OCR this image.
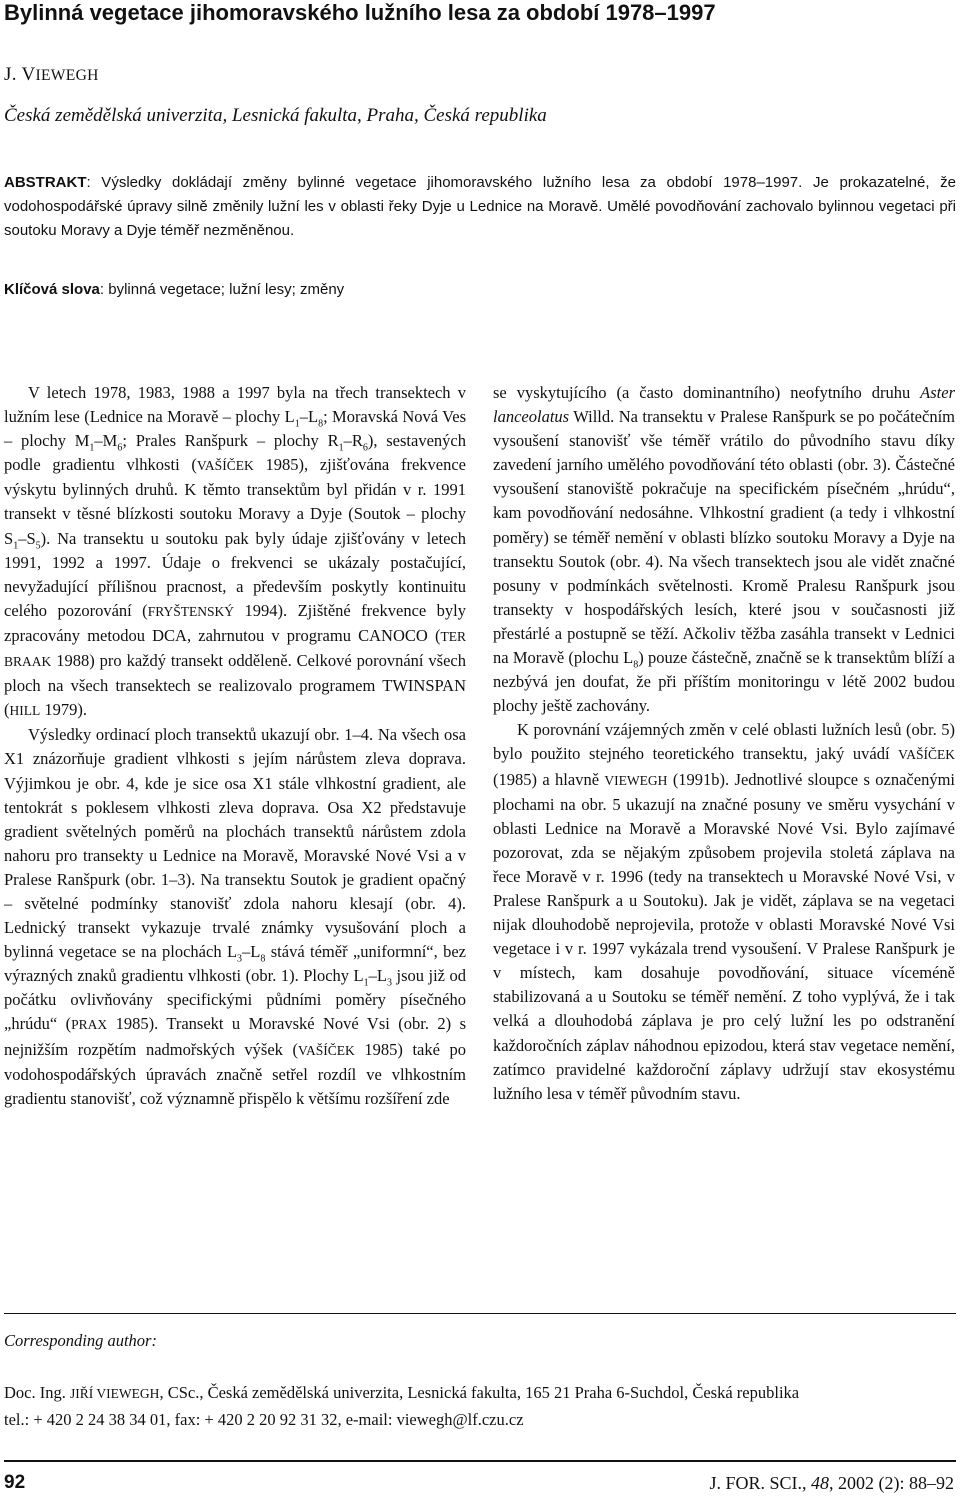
Bylinná vegetace jihomoravského lužního lesa za období 1978–1997
J. VIEWEGH
Česká zemědělská univerzita, Lesnická fakulta, Praha, Česká republika

ABSTRAKT: Výsledky dokládají změny bylinné vegetace jihomoravského lužního lesa za období 1978–1997. Je prokazatelné, že vodohospodářské úpravy silně změnily lužní les v oblasti řeky Dyje u Lednice na Moravě. Umělé povodňování zachovalo bylinnou vegetaci při soutoku Moravy a Dyje téměř nezměněnou.

Klíčová slova: bylinná vegetace; lužní lesy; změny

V letech 1978, 1983, 1988 a 1997 byla na třech transektech v lužním lese (Lednice na Moravě – plochy $L_1-L_8$; Moravská Nová Ves – plochy $M_1-M_6$; Prales Ranšpurk – plochy $R_1-R_6$), sestavených podle gradientu vlhkosti (VAŠÍČEK 1985), zjišťována frekvence výskytu bylinných druhů. K těmto transektům byl přidán v r. 1991 transekt v těsné blízkosti soutoku Moravy a Dyje (Soutok – plochy $S_1-S_5$). Na transektu u soutoku pak byly údaje zjišťovány v letech 1991, 1992 a 1997. Údaje o frekvenci se ukázaly postačující, nevyžadující přílišnou pracnost, a především poskytly kontinuitu celého pozorování (FRYŠTENSKÝ 1994). Zjištěné frekvence byly zpracovány metodou DCA, zahrnutou v programu CANOCO (TER BRAAK 1988) pro každý transekt odděleně. Celkové porovnání všech ploch na všech transektech se realizovalo programem TWINSPAN (HILL 1979).

Výsledky ordinací ploch transektů ukazují obr. 1–4. Na všech osa X1 znázorňuje gradient vlhkosti s jejím nárůstem zleva doprava. Výjimkou je obr. 4, kde je sice osa X1 stále vlhkostní gradient, ale tentokrát s poklesem vlhkosti zleva doprava. Osa X2 představuje gradient světelných poměrů na plochách transektů nárůstem zdola nahoru pro transekty u Lednice na Moravě, Moravské Nové Vsi a v Pralese Ranšpurk (obr. 1–3). Na transektu Soutok je gradient opačný – světelné podmínky stanovišť zdola nahoru klesají (obr. 4). Lednický transekt vykazuje trvalé známky vysušování ploch a bylinná vegetace se na plochách $L_3-L_8$ stává téměř „uniformní“, bez výrazných znaků gradientu vlhkosti (obr. 1). Plochy $L_1-L_3$ jsou již od počátku ovlivňovány specifickými půdními poměry písečného „hrúdu“ (PRAX 1985). Transekt u Moravské Nové Vsi (obr. 2) s nejnižším rozpětím nadmořských výšek (VAŠÍČEK 1985) také po vodohospodářských úpravách značně setřel rozdíl ve vlhkostním gradientu stanovišť, což významně přispělo k většímu rozšíření zde

se vyskytujícího (a často dominantního) neofytního druhu Aster lanceolatus Willd. Na transektu v Pralese Ranšpurk se po počátečním vysoušení stanovišť vše téměř vrátilo do původního stavu díky zavedení jarního umělého povodňování této oblasti (obr. 3). Částečné vysoušení stanoviště pokračuje na specifickém písečném „hrúdu“, kam povodňování nedosáhne. Vlhkostní gradient (a tedy i vlhkostní poměry) se téměř nemění v oblasti blízko soutoku Moravy a Dyje na transektu Soutok (obr. 4). Na všech transektech jsou ale vidět značné posuny v podmínkách světelnosti. Kromě Pralesu Ranšpurk jsou transekty v hospodářských lesích, které jsou v současnosti již přestárlé a postupně se těží. Ačkoliv těžba zasáhla transekt v Lednici na Moravě (plochu $L_8$) pouze částečně, značně se k transektům blíží a nezbývá jen doufat, že při příštím monitoringu v létě 2002 budou plochy ještě zachovány.

K porovnání vzájemných změn v celé oblasti lužních lesů (obr. 5) bylo použito stejného teoretického transektu, jaký uvádí VAŠÍČEK (1985) a hlavně VIEWEGH (1991b). Jednotlivé sloupce s označenými plochami na obr. 5 ukazují na značné posuny ve směru vysychání v oblasti Lednice na Moravě a Moravské Nové Vsi. Bylo zajímavé pozorovat, zda se nějakým způsobem projevila stoletá záplava na řece Moravě v r. 1996 (tedy na transektech u Moravské Nové Vsi, v Pralese Ranšpurk a u Soutoku). Jak je vidět, záplava se na vegetaci nijak dlouhodobě neprojevila, protože v oblasti Moravské Nové Vsi vegetace i v r. 1997 vykázala trend vysoušení. V Pralese Ranšpurk je v místech, kam dosahuje povodňování, situace víceméně stabilizovaná a u Soutoku se téměř nemění. Z toho vyplývá, že i tak velká a dlouhodobá záplava je pro celý lužní les po odstranění každoročních záplav náhodnou epizodou, která stav vegetace nemění, zatímco pravidelné každoroční záplavy udržují stav ekosystému lužního lesa v téměř původním stavu.

Corresponding author:
Doc. Ing. JIŘÍ VIEWEGH, CSc., Česká zemědělská univerzita, Lesnická fakulta, 165 21 Praha 6-Suchdol, Česká republika
tel.: + 420 2 24 38 34 01, fax: + 420 2 20 92 31 32, e-mail: viewegh@lf.czu.cz
92	J. FOR. SCI., 48, 2002 (2): 88–92
